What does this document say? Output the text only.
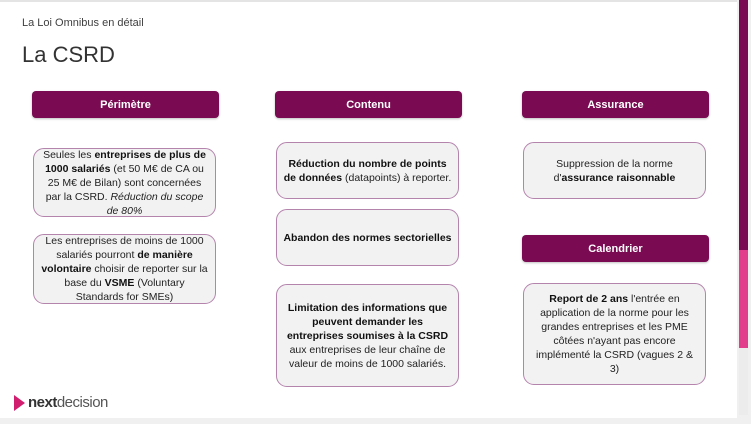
La Loi Omnibus en détail
La CSRD
Périmètre	Contenu	Assurance
Calendrier
Seules les entreprises de plus de 1000 salariés (et 50 M€ de CA ou 25 M€ de Bilan) sont concernées par la CSRD. Réduction du scope de 80%
Les entreprises de moins de 1000 salariés pourront de manière volontaire choisir de reporter sur la base du VSME (Voluntary Standards for SMEs)
Réduction du nombre de points de données (datapoints) à reporter.
Abandon des normes sectorielles
Limitation des informations que peuvent demander les entreprises soumises à la CSRD aux entreprises de leur chaîne de valeur de moins de 1000 salariés.
Suppression de la norme d'assurance raisonnable
Report de 2 ans l'entrée en application de la norme pour les grandes entreprises et les PME côtées n'ayant pas encore implémenté la CSRD (vagues 2 & 3)
nextdecision
